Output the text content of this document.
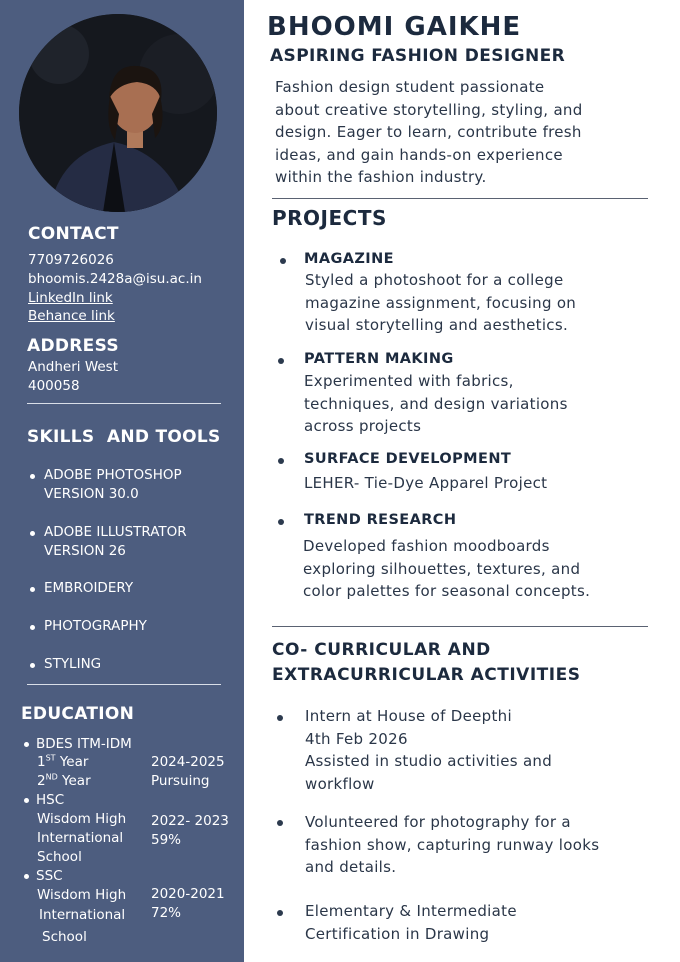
CONTACT
7709726026
bhoomis.2428a@isu.ac.in
LinkedIn link
Behance link
ADDRESS
Andheri West
400058
SKILLS  AND TOOLS
ADOBE PHOTOSHOP
VERSION 30.0
ADOBE ILLUSTRATOR
VERSION 26
EMBROIDERY
PHOTOGRAPHY
STYLING
EDUCATION
BDES ITM-IDM
1ST Year
2ND Year
2024-2025
Pursuing
HSC
Wisdom High
International
School
2022- 2023
59%
SSC
Wisdom High
International
School
2020-2021
72%
BHOOMI GAIKHE
ASPIRING FASHION DESIGNER
Fashion design student passionate
about creative storytelling, styling, and
design. Eager to learn, contribute fresh
ideas, and gain hands-on experience
within the fashion industry.
PROJECTS
MAGAZINE
Styled a photoshoot for a college
magazine assignment, focusing on
visual storytelling and aesthetics.
PATTERN MAKING
Experimented with fabrics,
techniques, and design variations
across projects
SURFACE DEVELOPMENT
LEHER- Tie-Dye Apparel Project
TREND RESEARCH
Developed fashion moodboards
exploring silhouettes, textures, and
color palettes for seasonal concepts.
CO- CURRICULAR AND
EXTRACURRICULAR ACTIVITIES
Intern at House of Deepthi
4th Feb 2026
Assisted in studio activities and
workflow
Volunteered for photography for a
fashion show, capturing runway looks
and details.
Elementary & Intermediate
Certification in Drawing
